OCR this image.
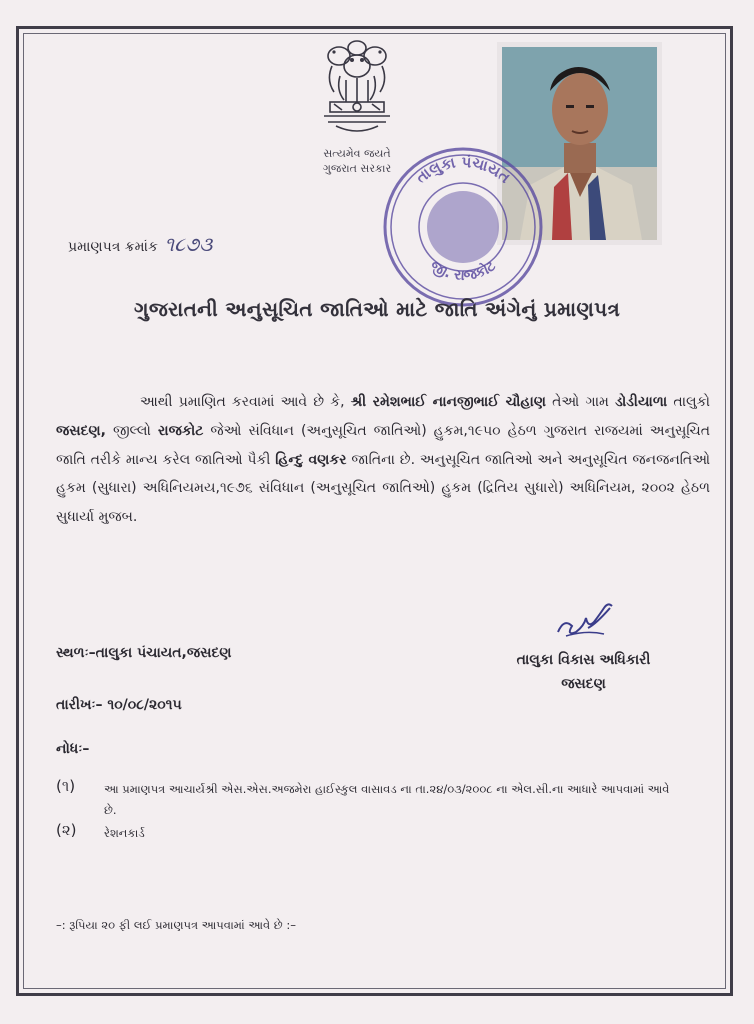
સત્યમેવ જયતે
ગુજરાત સરકાર	તાલુકા પંચાયત
જી. રાજકોટ
પ્રમાણપત્ર ક્રમાંક ૧૮૭૩
ગુજરાતની અનુસૂચિત જાતિઓ માટે જાતિ અંગેનું પ્રમાણપત્ર
આથી પ્રમાણિત કરવામાં આવે છે કે, શ્રી રમેશભાઈ નાનજીભાઈ ચૌહાણ તેઓ ગામ ડોડીયાળા તાલુકો જસદણ, જીલ્લો રાજકોટ જેઓ સંવિધાન (અનુસૂચિત જાતિઓ) હુકમ,૧૯૫૦ હેઠળ ગુજરાત રાજયમાં અનુસૂચિત જાતિ તરીકે માન્ય કરેલ જાતિઓ પૈકી હિન્દુ વણકર જાતિના છે. અનુસૂચિત જાતિઓ અને અનુસૂચિત જનજનતિઓ હુકમ (સુધારા) અધિનિયમય,૧૯૭૬ સંવિધાન (અનુસૂચિત જાતિઓ) હુકમ (દ્રિતિય સુધારો) અધિનિયમ, ૨૦૦૨ હેઠળ સુધાર્યા મુજબ.
સ્થળઃ–તાલુકા પંચાયત,જસદણ
તારીખઃ– ૧૦/૦૮/૨૦૧૫
તાલુકા વિકાસ અધિકારી
જસદણ
નોધઃ–
(૧)	આ પ્રમાણપત્ર આચાર્યશ્રી એસ.એસ.અજમેરા હાઈસ્કુલ વાસાવડ ના તા.૨૪/૦૩/૨૦૦૮ ના એલ.સી.ના આધારે આપવામાં આવે છે.
(૨) રેશનકાર્ડ
–: રૂપિયા ૨૦ ફી લઈ પ્રમાણપત્ર આપવામાં આવે છે :–
